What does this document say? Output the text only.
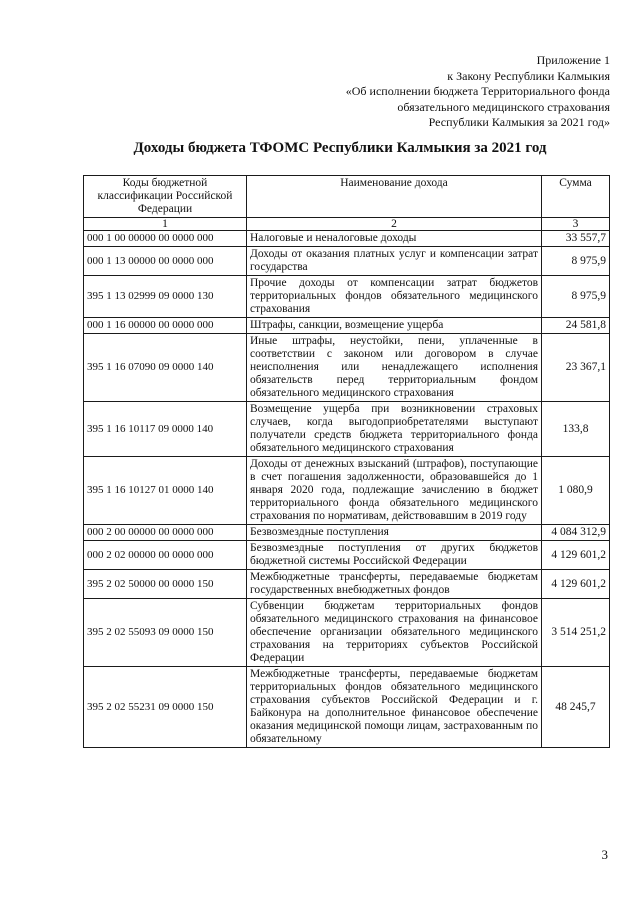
Приложение 1
к Закону Республики Калмыкия
«Об исполнении бюджета Территориального фонда
обязательного медицинского страхования
Республики Калмыкия за 2021 год»
Доходы бюджета ТФОМС Республики Калмыкия за 2021 год
Коды бюджетной классификации Российской Федерации	Наименование дохода	Сумма
1	2	3
000 1 00 00000 00 0000 000	Налоговые и неналоговые доходы	33 557,7
000 1 13 00000 00 0000 000	Доходы от оказания платных услуг и компенсации затрат государства	8 975,9
395 1 13 02999 09 0000 130	Прочие доходы от компенсации затрат бюджетов территориальных фондов обязательного медицинского страхования	8 975,9
000 1 16 00000 00 0000 000	Штрафы, санкции, возмещение ущерба	24 581,8
395 1 16 07090 09 0000 140	Иные штрафы, неустойки, пени, уплаченные в соответствии с законом или договором в случае неисполнения или ненадлежащего исполнения обязательств перед территориальным фондом обязательного медицинского страхования	23 367,1
395 1 16 10117 09 0000 140	Возмещение ущерба при возникновении страховых случаев, когда выгодоприобретателями выступают получатели средств бюджета территориального фонда обязательного медицинского страхования	133,8
395 1 16 10127 01 0000 140	Доходы от денежных взысканий (штрафов), поступающие в счет погашения задолженности, образовавшейся до 1 января 2020 года, подлежащие зачислению в бюджет территориального фонда обязательного медицинского страхования по нормативам, действовавшим в 2019 году	1 080,9
000 2 00 00000 00 0000 000	Безвозмездные поступления	4 084 312,9
000 2 02 00000 00 0000 000	Безвозмездные поступления от других бюджетов бюджетной системы Российской Федерации	4 129 601,2
395 2 02 50000 00 0000 150	Межбюджетные трансферты, передаваемые бюджетам государственных внебюджетных фондов	4 129 601,2
395 2 02 55093 09 0000 150	Субвенции бюджетам территориальных фондов обязательного медицинского страхования на финансовое обеспечение организации обязательного медицинского страхования на территориях субъектов Российской Федерации	3 514 251,2
395 2 02 55231 09 0000 150	Межбюджетные трансферты, передаваемые бюджетам территориальных фондов обязательного медицинского страхования субъектов Российской Федерации и г. Байконура на дополнительное финансовое обеспечение оказания медицинской помощи лицам, застрахованным по обязательному	48 245,7
3
